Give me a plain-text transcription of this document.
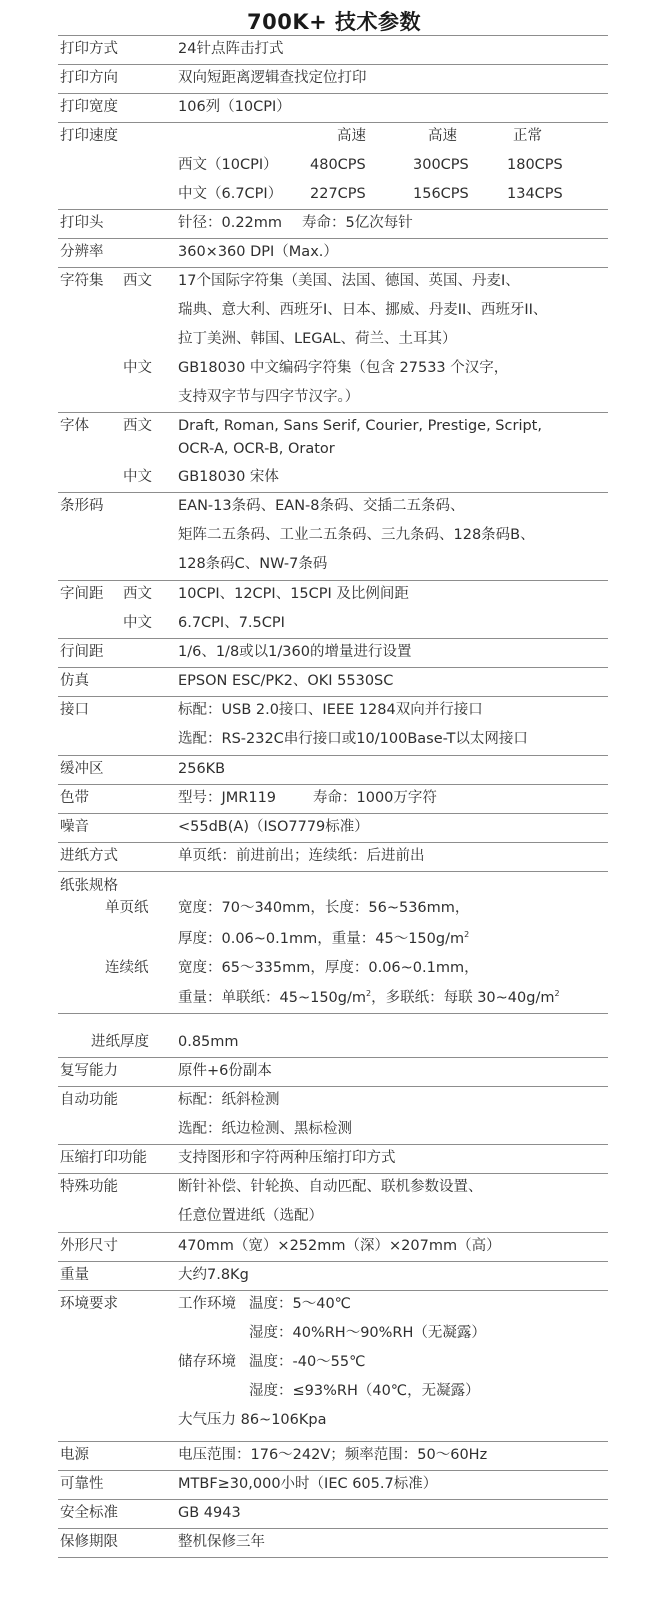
700K+ 技术参数
打印方式	24针点阵击打式
打印方向	双向短距离逻辑查找定位打印
打印宽度	106列（10CPI）
打印速度	高速	高速	正常
西文（10CPI） 480CPS	300CPS	180CPS
中文（6.7CPI） 227CPS	156CPS	134CPS
打印头	针径：0.22mm 寿命：5亿次每针
分辨率	360×360 DPI（Max.）
字符集 西文 17个国际字符集（美国、法国、德国、英国、丹麦I、
瑞典、意大利、西班牙I、日本、挪威、丹麦II、西班牙II、
拉丁美洲、韩国、LEGAL、荷兰、土耳其）
中文 GB18030 中文编码字符集（包含 27533 个汉字，
支持双字节与四字节汉字。）
字体 西文 Draft, Roman, Sans Serif, Courier, Prestige, Script,
OCR-A, OCR-B, Orator
中文 GB18030 宋体
条形码	EAN-13条码、EAN-8条码、交插二五条码、
矩阵二五条码、工业二五条码、三九条码、128条码B、
128条码C、NW-7条码
字间距 西文 10CPI、12CPI、15CPI 及比例间距
中文 6.7CPI、7.5CPI
行间距	1/6、1/8或以1/360的增量进行设置
仿真	EPSON ESC/PK2、OKI 5530SC
接口	标配：USB 2.0接口、IEEE 1284双向并行接口
选配：RS-232C串行接口或10/100Base-T以太网接口
缓冲区	256KB
色带	型号：JMR119	寿命：1000万字符
噪音	<55dB(A)（ISO7779标准）
进纸方式	单页纸：前进前出；连续纸：后进前出
纸张规格
单页纸 宽度：70～340mm，长度：56~536mm，
厚度：0.06~0.1mm，重量：$45\sim 150g/m^2$
连续纸 宽度：65～335mm，厚度：0.06~0.1mm，
重量：单联纸：$45\sim 150g/m^2$，多联纸：每联 $30\sim 40g/m^2$
进纸厚度 0.85mm
复写能力	原件+6份副本
自动功能	标配：纸斜检测
选配：纸边检测、黑标检测
压缩打印功能 支持图形和字符两种压缩打印方式
特殊功能	断针补偿、针轮换、自动匹配、联机参数设置、
任意位置进纸（选配）
外形尺寸	470mm（宽）×252mm（深）×207mm（高）
重量	大约7.8Kg
环境要求	工作环境 温度：5～40℃
湿度：40%RH～90%RH（无凝露）
储存环境 温度：-40～55℃
湿度：≤93%RH（40℃，无凝露）
大气压力 86~106Kpa
电源	电压范围：176～242V；频率范围：50～60Hz
可靠性	MTBF≥30,000小时（IEC 605.7标准）
安全标准	GB 4943
保修期限	整机保修三年
